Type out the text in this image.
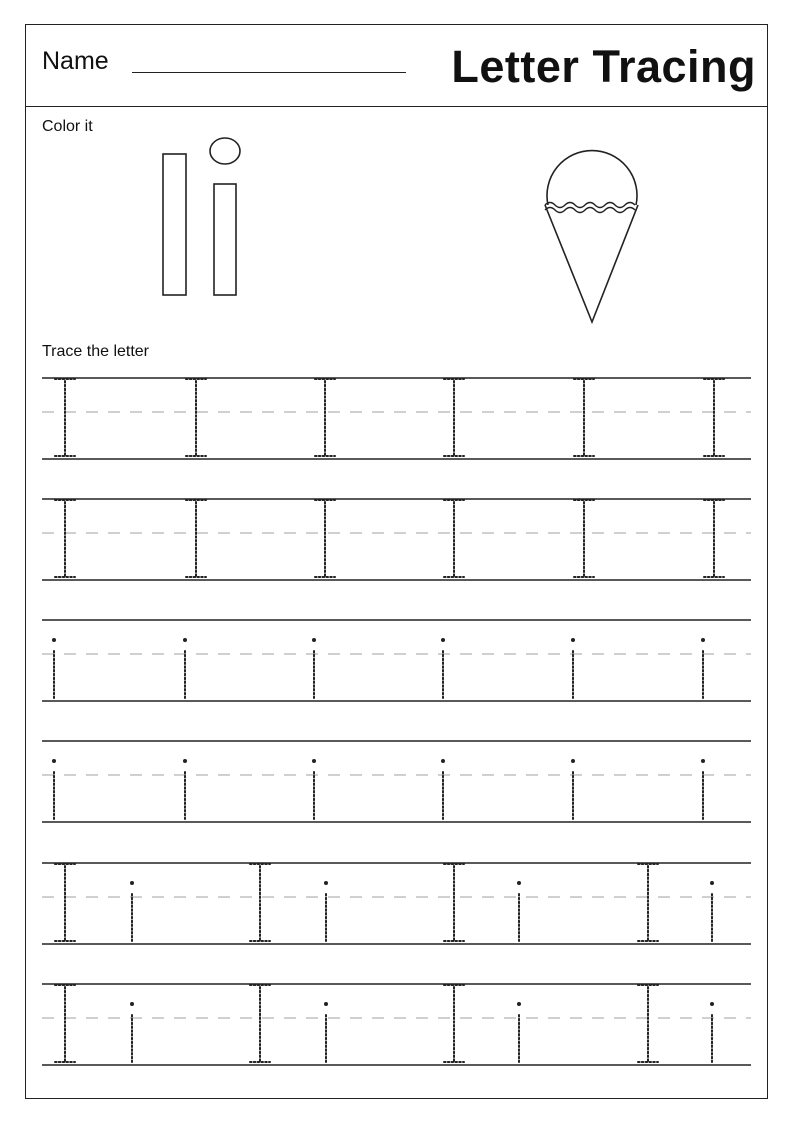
Name	Letter Tracing
Color it
Trace the letter
